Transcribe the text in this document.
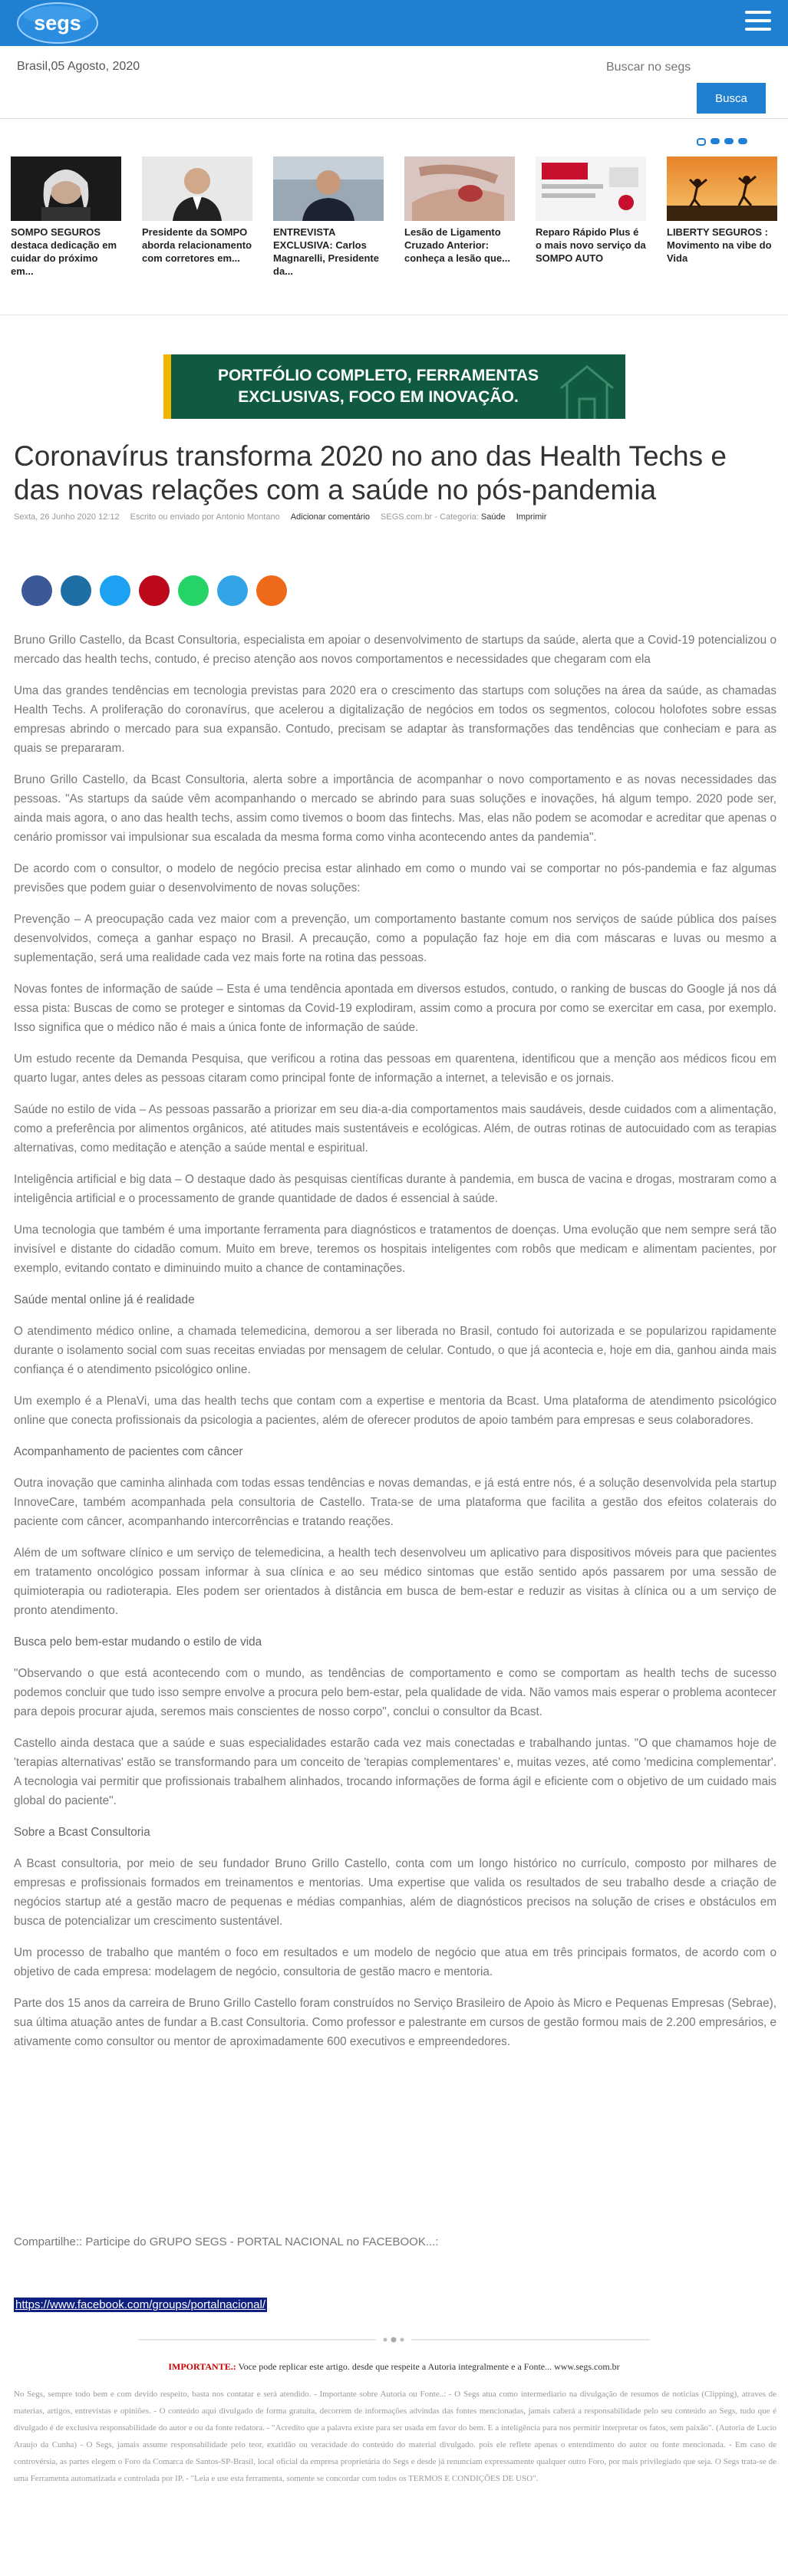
segs
Brasil,05 Agosto, 2020
Buscar no segs
Busca
SOMPO SEGUROS destaca dedicação em cuidar do próximo em...
Presidente da SOMPO aborda relacionamento com corretores em...
ENTREVISTA EXCLUSIVA: Carlos Magnarelli, Presidente da...
Lesão de Ligamento Cruzado Anterior: conheça a lesão que...
Reparo Rápido Plus é o mais novo serviço da SOMPO AUTO
LIBERTY SEGUROS : Movimento na vibe do Vida
PORTFÓLIO COMPLETO, FERRAMENTAS EXCLUSIVAS, FOCO EM INOVAÇÃO.
Coronavírus transforma 2020 no ano das Health Techs e das novas relações com a saúde no pós-pandemia
Sexta, 26 Junho 2020 12:12 Escrito ou enviado por Antonio Montano Adicionar comentário SEGS.com.br - Categoria: Saúde Imprimir

Bruno Grillo Castello, da Bcast Consultoria, especialista em apoiar o desenvolvimento de startups da saúde, alerta que a Covid-19 potencializou o mercado das health techs, contudo, é preciso atenção aos novos comportamentos e necessidades que chegaram com ela

Uma das grandes tendências em tecnologia previstas para 2020 era o crescimento das startups com soluções na área da saúde, as chamadas Health Techs. A proliferação do coronavírus, que acelerou a digitalização de negócios em todos os segmentos, colocou holofotes sobre essas empresas abrindo o mercado para sua expansão. Contudo, precisam se adaptar às transformações das tendências que conheciam e para as quais se prepararam.

Bruno Grillo Castello, da Bcast Consultoria, alerta sobre a importância de acompanhar o novo comportamento e as novas necessidades das pessoas. "As startups da saúde vêm acompanhando o mercado se abrindo para suas soluções e inovações, há algum tempo. 2020 pode ser, ainda mais agora, o ano das health techs, assim como tivemos o boom das fintechs. Mas, elas não podem se acomodar e acreditar que apenas o cenário promissor vai impulsionar sua escalada da mesma forma como vinha acontecendo antes da pandemia".

De acordo com o consultor, o modelo de negócio precisa estar alinhado em como o mundo vai se comportar no pós-pandemia e faz algumas previsões que podem guiar o desenvolvimento de novas soluções:

Prevenção – A preocupação cada vez maior com a prevenção, um comportamento bastante comum nos serviços de saúde pública dos países desenvolvidos, começa a ganhar espaço no Brasil. A precaução, como a população faz hoje em dia com máscaras e luvas ou mesmo a suplementação, será uma realidade cada vez mais forte na rotina das pessoas.

Novas fontes de informação de saúde – Esta é uma tendência apontada em diversos estudos, contudo, o ranking de buscas do Google já nos dá essa pista: Buscas de como se proteger e sintomas da Covid-19 explodiram, assim como a procura por como se exercitar em casa, por exemplo. Isso significa que o médico não é mais a única fonte de informação de saúde.

Um estudo recente da Demanda Pesquisa, que verificou a rotina das pessoas em quarentena, identificou que a menção aos médicos ficou em quarto lugar, antes deles as pessoas citaram como principal fonte de informação a internet, a televisão e os jornais.

Saúde no estilo de vida – As pessoas passarão a priorizar em seu dia-a-dia comportamentos mais saudáveis, desde cuidados com a alimentação, como a preferência por alimentos orgânicos, até atitudes mais sustentáveis e ecológicas. Além, de outras rotinas de autocuidado com as terapias alternativas, como meditação e atenção a saúde mental e espiritual.

Inteligência artificial e big data – O destaque dado às pesquisas científicas durante à pandemia, em busca de vacina e drogas, mostraram como a inteligência artificial e o processamento de grande quantidade de dados é essencial à saúde.

Uma tecnologia que também é uma importante ferramenta para diagnósticos e tratamentos de doenças. Uma evolução que nem sempre será tão invisível e distante do cidadão comum. Muito em breve, teremos os hospitais inteligentes com robôs que medicam e alimentam pacientes, por exemplo, evitando contato e diminuindo muito a chance de contaminações.

Saúde mental online já é realidade

O atendimento médico online, a chamada telemedicina, demorou a ser liberada no Brasil, contudo foi autorizada e se popularizou rapidamente durante o isolamento social com suas receitas enviadas por mensagem de celular. Contudo, o que já acontecia e, hoje em dia, ganhou ainda mais confiança é o atendimento psicológico online.

Um exemplo é a PlenaVi, uma das health techs que contam com a expertise e mentoria da Bcast. Uma plataforma de atendimento psicológico online que conecta profissionais da psicologia a pacientes, além de oferecer produtos de apoio também para empresas e seus colaboradores.

Acompanhamento de pacientes com câncer

Outra inovação que caminha alinhada com todas essas tendências e novas demandas, e já está entre nós, é a solução desenvolvida pela startup InnoveCare, também acompanhada pela consultoria de Castello. Trata-se de uma plataforma que facilita a gestão dos efeitos colaterais do paciente com câncer, acompanhando intercorrências e tratando reações.

Além de um software clínico e um serviço de telemedicina, a health tech desenvolveu um aplicativo para dispositivos móveis para que pacientes em tratamento oncológico possam informar à sua clínica e ao seu médico sintomas que estão sentido após passarem por uma sessão de quimioterapia ou radioterapia. Eles podem ser orientados à distância em busca de bem-estar e reduzir as visitas à clínica ou a um serviço de pronto atendimento.

Busca pelo bem-estar mudando o estilo de vida

"Observando o que está acontecendo com o mundo, as tendências de comportamento e como se comportam as health techs de sucesso podemos concluir que tudo isso sempre envolve a procura pelo bem-estar, pela qualidade de vida. Não vamos mais esperar o problema acontecer para depois procurar ajuda, seremos mais conscientes de nosso corpo", conclui o consultor da Bcast.

Castello ainda destaca que a saúde e suas especialidades estarão cada vez mais conectadas e trabalhando juntas. "O que chamamos hoje de 'terapias alternativas' estão se transformando para um conceito de 'terapias complementares' e, muitas vezes, até como 'medicina complementar'. A tecnologia vai permitir que profissionais trabalhem alinhados, trocando informações de forma ágil e eficiente com o objetivo de um cuidado mais global do paciente".

Sobre a Bcast Consultoria

A Bcast consultoria, por meio de seu fundador Bruno Grillo Castello, conta com um longo histórico no currículo, composto por milhares de empresas e profissionais formados em treinamentos e mentorias. Uma expertise que valida os resultados de seu trabalho desde a criação de negócios startup até a gestão macro de pequenas e médias companhias, além de diagnósticos precisos na solução de crises e obstáculos em busca de potencializar um crescimento sustentável.

Um processo de trabalho que mantém o foco em resultados e um modelo de negócio que atua em três principais formatos, de acordo com o objetivo de cada empresa: modelagem de negócio, consultoria de gestão macro e mentoria.

Parte dos 15 anos da carreira de Bruno Grillo Castello foram construídos no Serviço Brasileiro de Apoio às Micro e Pequenas Empresas (Sebrae), sua última atuação antes de fundar a B.cast Consultoria. Como professor e palestrante em cursos de gestão formou mais de 2.200 empresários, e ativamente como consultor ou mentor de aproximadamente 600 executivos e empreendedores.

Compartilhe:: Participe do GRUPO SEGS - PORTAL NACIONAL no FACEBOOK...:
https://www.facebook.com/groups/portalnacional/
IMPORTANTE.: Voce pode replicar este artigo. desde que respeite a Autoria integralmente e a Fonte... www.segs.com.br
No Segs, sempre todo bem e com devido respeito, basta nos contatar e será atendido. - Importante sobre Autoria ou Fonte..: - O Segs atua como intermediario na divulgação de resumos de noticias (Clipping), atraves de materias, artigos, entrevistas e opiniões. - O conteúdo aqui divulgado de forma gratuita, decorrem de informações advindas das fontes mencionadas, jamais caberá a responsabilidade pelo seu conteúdo ao Segs, tudo que é divulgado é de exclusiva responsabilidade do autor e ou da fonte redatora. - "Acredito que a palavra existe para ser usada em favor do bem. E a inteligência para nos permitir interpretar os fatos, sem paixão". (Autoria de Lucio Araujo da Cunha) - O Segs, jamais assume responsabilidade pelo teor, exatidão ou veracidade do conteúdo do material divulgado. pois ele reflete apenas o entendimento do autor ou fonte mencionada. - Em caso de controvérsia, as partes elegem o Foro da Comarca de Santos-SP-Brasil, local oficial da empresa proprietária do Segs e desde já renunciam expressamente qualquer outro Foro, por mais privilegiado que seja. O Segs trata-se de uma Ferramenta automatizada e controlada por IP. - "Leia e use esta ferramenta, somente se concordar com todos os TERMOS E CONDIÇÕES DE USO".
